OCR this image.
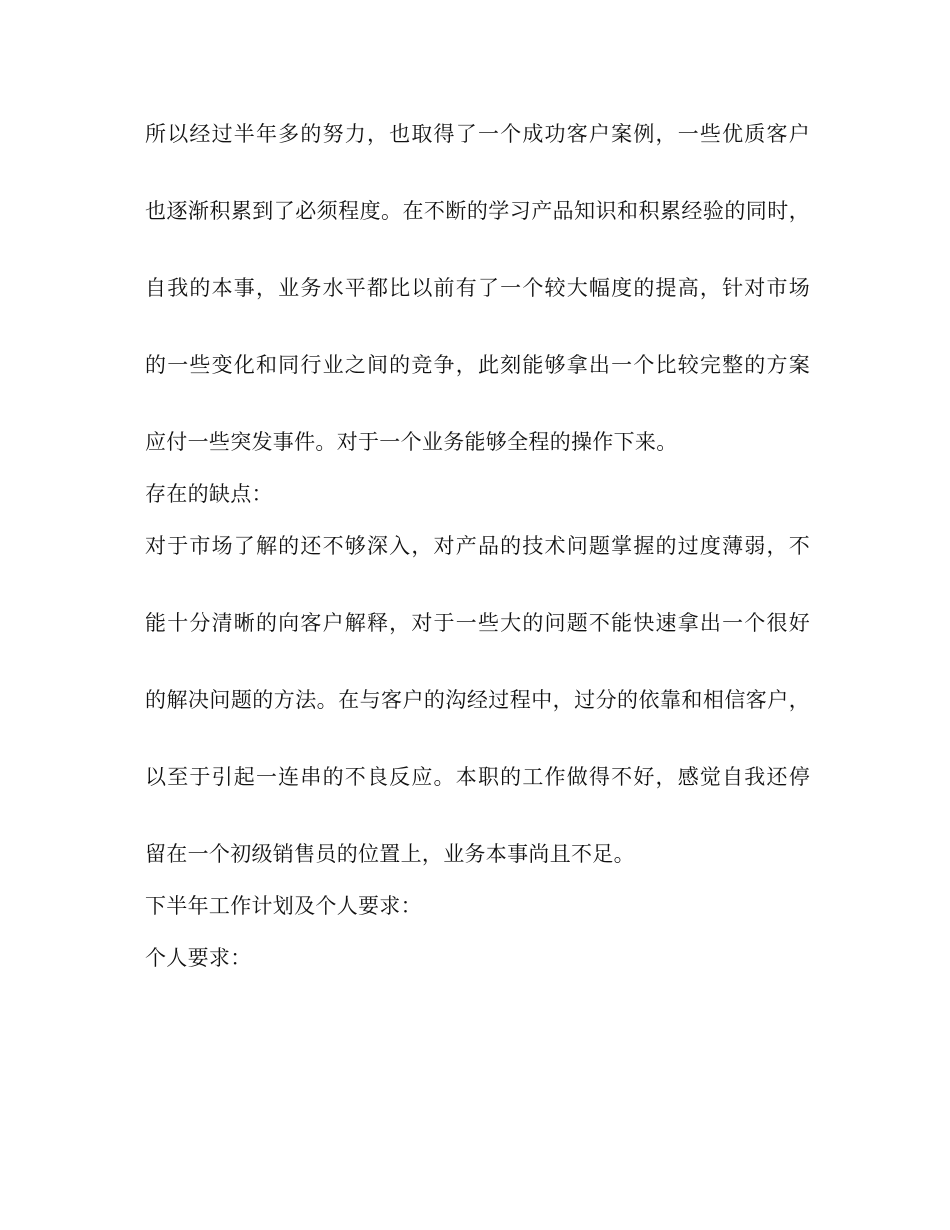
所以经过半年多的努力，也取得了一个成功客户案例，一些优质客户
也逐渐积累到了必须程度。在不断的学习产品知识和积累经验的同时，
自我的本事，业务水平都比以前有了一个较大幅度的提高，针对市场
的一些变化和同行业之间的竞争，此刻能够拿出一个比较完整的方案
应付一些突发事件。对于一个业务能够全程的操作下来。
存在的缺点：
对于市场了解的还不够深入，对产品的技术问题掌握的过度薄弱，不
能十分清晰的向客户解释，对于一些大的问题不能快速拿出一个很好
的解决问题的方法。在与客户的沟经过程中，过分的依靠和相信客户，
以至于引起一连串的不良反应。本职的工作做得不好，感觉自我还停
留在一个初级销售员的位置上，业务本事尚且不足。
下半年工作计划及个人要求：
个人要求：
